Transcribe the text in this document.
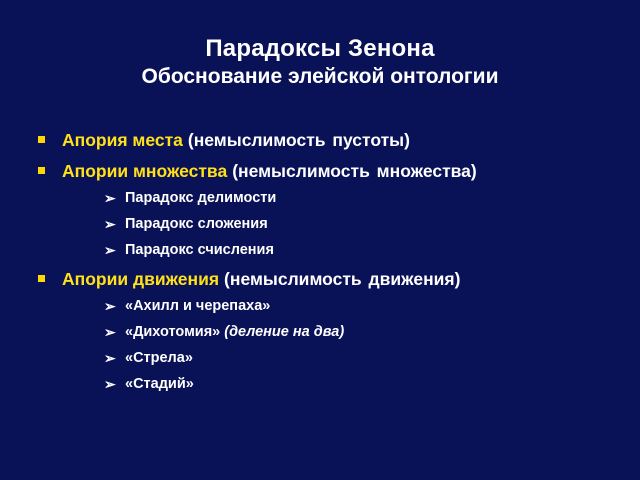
Парадоксы Зенона
Обоснование элейской онтологии
Апория места (немыслимость пустоты)
Апории множества (немыслимость множества)
➢ Парадокс делимости
➢ Парадокс сложения
➢ Парадокс счисления
Апории движения (немыслимость движения)
➢ «Ахилл и черепаха»
➢ «Дихотомия» (деление на два)
➢ «Стрела»
➢ «Стадий»
